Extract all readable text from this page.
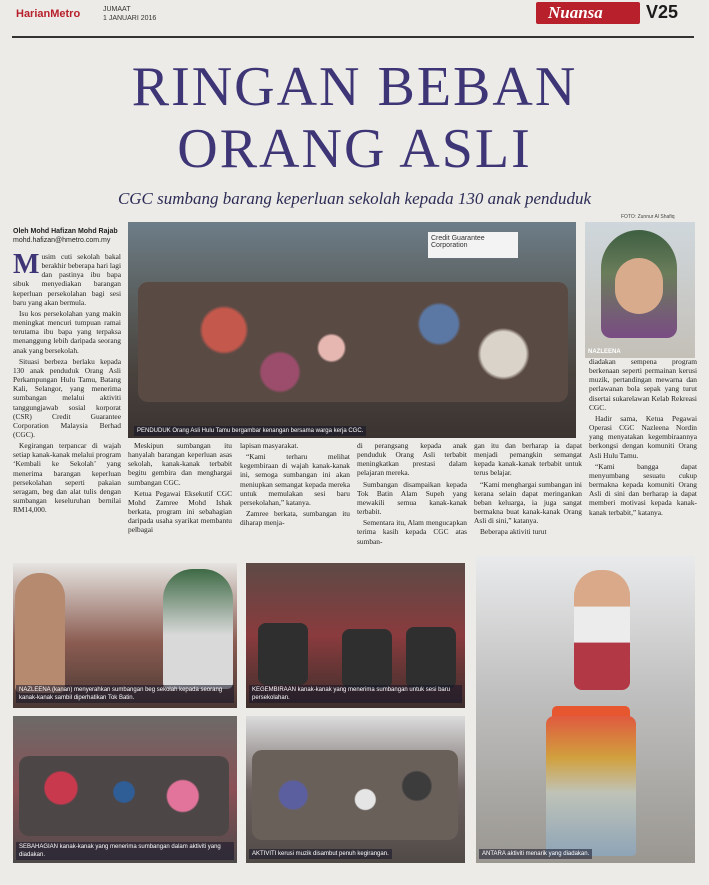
HarianMetro	JUMAAT
1 JANUARI 2016	Nuansa V25
RINGAN BEBAN
ORANG ASLI
CGC sumbang barang keperluan sekolah kepada 130 anak penduduk
Oleh Mohd Hafizan Mohd Rajab
mohd.hafizan@hmetro.com.my
FOTO: Zunnur Al Shafiq
Credit Guarantee Corporation
PENDUDUK Orang Asli Hulu Tamu bergambar kenangan bersama warga kerja CGC.
NAZLEENA

Musim cuti sekolah bakal berakhir beberapa hari lagi dan pastinya ibu bapa sibuk menyediakan barangan keperluan persekolahan bagi sesi baru yang akan bermula.

Isu kos persekolahan yang makin meningkat mencuri tumpuan ramai terutama ibu bapa yang terpaksa menanggung lebih daripada seorang anak yang bersekolah.

Situasi berbeza berlaku kepada 130 anak penduduk Orang Asli Perkampungan Hulu Tamu, Batang Kali, Selangor, yang menerima sumbangan melalui aktiviti tanggungjawab sosial korporat (CSR) Credit Guarantee Corporation Malaysia Berhad (CGC).

Kegirangan terpancar di wajah setiap kanak-kanak melalui program ‘Kembali ke Sekolah’ yang menerima barangan keperluan persekolahan seperti pakaian seragam, beg dan alat tulis dengan sumbangan keseluruhan bernilai RM14,000.

Meskipun sumbangan itu hanyalah barangan keperluan asas sekolah, kanak-kanak terbabit begitu gembira dan menghargai sumbangan CGC.

Ketua Pegawai Eksekutif CGC Mohd Zamree Mohd Ishak berkata, program ini sebahagian daripada usaha syarikat membantu pelbagai

lapisan masyarakat.

“Kami terharu melihat kegembiraan di wajah kanak-kanak ini, semoga sumbangan ini akan meniupkan semangat kepada mereka untuk memulakan sesi baru persekolahan,” katanya.

Zamree berkata, sumbangan itu diharap menja-

di perangsang kepada anak penduduk Orang Asli terbabit meningkatkan prestasi dalam pelajaran mereka.

Sumbangan disampaikan kepada Tok Batin Alam Supeh yang mewakili semua kanak-kanak terbabit.

Sementara itu, Alam mengucapkan terima kasih kepada CGC atas sumban-

gan itu dan berharap ia dapat menjadi pemangkin semangat kepada kanak-kanak terbabit untuk terus belajar.

“Kami menghargai sumbangan ini kerana selain dapat meringankan beban keluarga, ia juga sangat bermakna buat kanak-kanak Orang Asli di sini,” katanya.

Beberapa aktiviti turut

diadakan sempena program berkenaan seperti permainan kerusi muzik, pertandingan mewarna dan perlawanan bola sepak yang turut disertai sukarelawan Kelab Rekreasi CGC.

Hadir sama, Ketua Pegawai Operasi CGC Nazleena Nordin yang menyatakan kegembiraannya berkongsi dengan komuniti Orang Asli Hulu Tamu.

“Kami bangga dapat menyumbang sesuatu cukup bermakna kepada komuniti Orang Asli di sini dan berharap ia dapat memberi motivasi kepada kanak-kanak terbabit,” katanya.

NAZLEENA (kanan) menyerahkan sumbangan beg sekolah kepada seorang kanak-kanak sambil diperhatikan Tok Batin.
KEGEMBIRAAN kanak-kanak yang menerima sumbangan untuk sesi baru persekolahan.
ANTARA aktiviti menarik yang diadakan.
SEBAHAGIAN kanak-kanak yang menerima sumbangan dalam aktiviti yang diadakan.	AKTIVITI kerusi muzik disambut penuh kegirangan.
